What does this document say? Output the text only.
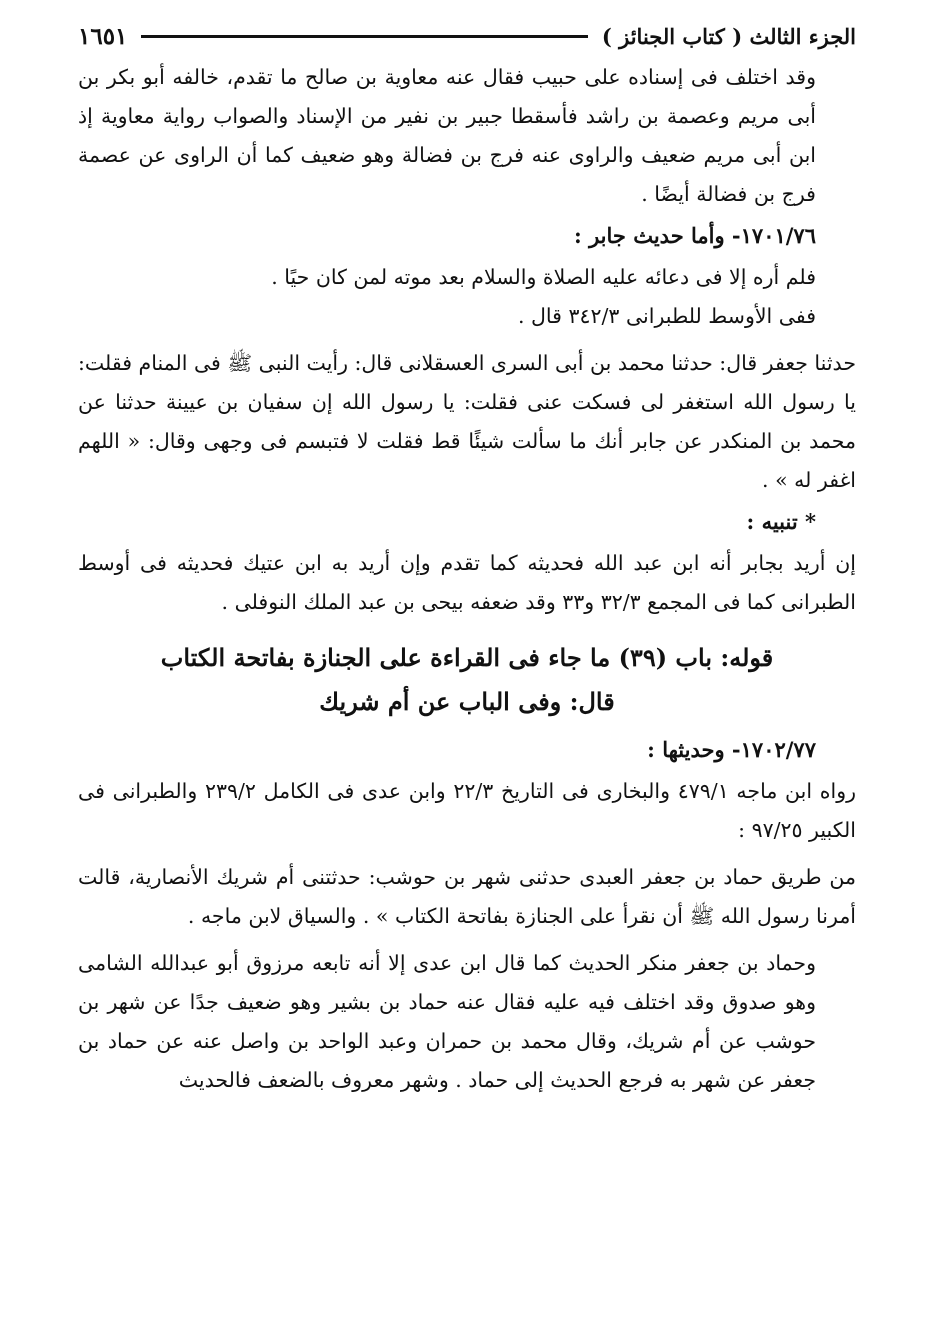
الجزء الثالث ( كتاب الجنائز )
١٦٥١

وقد اختلف فى إسناده على حبيب فقال عنه معاوية بن صالح ما تقدم، خالفه أبو بكر بن أبى مريم وعصمة بن راشد فأسقطا جبير بن نفير من الإسناد والصواب رواية معاوية إذ ابن أبى مريم ضعيف والراوى عنه فرج بن فضالة وهو ضعيف كما أن الراوى عن عصمة فرج بن فضالة أيضًا .

١٧٠١/٧٦- وأما حديث جابر :

فلم أره إلا فى دعائه عليه الصلاة والسلام بعد موته لمن كان حيًا .

ففى الأوسط للطبرانى ٣٤٢/٣ قال .

حدثنا جعفر قال: حدثنا محمد بن أبى السرى العسقلانى قال: رأيت النبى ﷺ فى المنام فقلت: يا رسول الله استغفر لى فسكت عنى فقلت: يا رسول الله إن سفيان بن عيينة حدثنا عن محمد بن المنكدر عن جابر أنك ما سألت شيئًا قط فقلت لا فتبسم فى وجهى وقال: « اللهم اغفر له » .

* تنبيه :

إن أريد بجابر أنه ابن عبد الله فحديثه كما تقدم وإن أريد به ابن عتيك فحديثه فى أوسط الطبرانى كما فى المجمع ٣٢/٣ و٣٣ وقد ضعفه بيحى بن عبد الملك النوفلى .

قوله: باب (٣٩) ما جاء فى القراءة على الجنازة بفاتحة الكتاب
قال: وفى الباب عن أم شريك

١٧٠٢/٧٧- وحديثها :

رواه ابن ماجه ٤٧٩/١ والبخارى فى التاريخ ٢٢/٣ وابن عدى فى الكامل ٢٣٩/٢ والطبرانى فى الكبير ٩٧/٢٥ :

من طريق حماد بن جعفر العبدى حدثنى شهر بن حوشب: حدثتنى أم شريك الأنصارية، قالت أمرنا رسول الله ﷺ أن نقرأ على الجنازة بفاتحة الكتاب » . والسياق لابن ماجه .

وحماد بن جعفر منكر الحديث كما قال ابن عدى إلا أنه تابعه مرزوق أبو عبدالله الشامى وهو صدوق وقد اختلف فيه عليه فقال عنه حماد بن بشير وهو ضعيف جدًا عن شهر بن حوشب عن أم شريك، وقال محمد بن حمران وعبد الواحد بن واصل عنه عن حماد بن جعفر عن شهر به فرجع الحديث إلى حماد . وشهر معروف بالضعف فالحديث
